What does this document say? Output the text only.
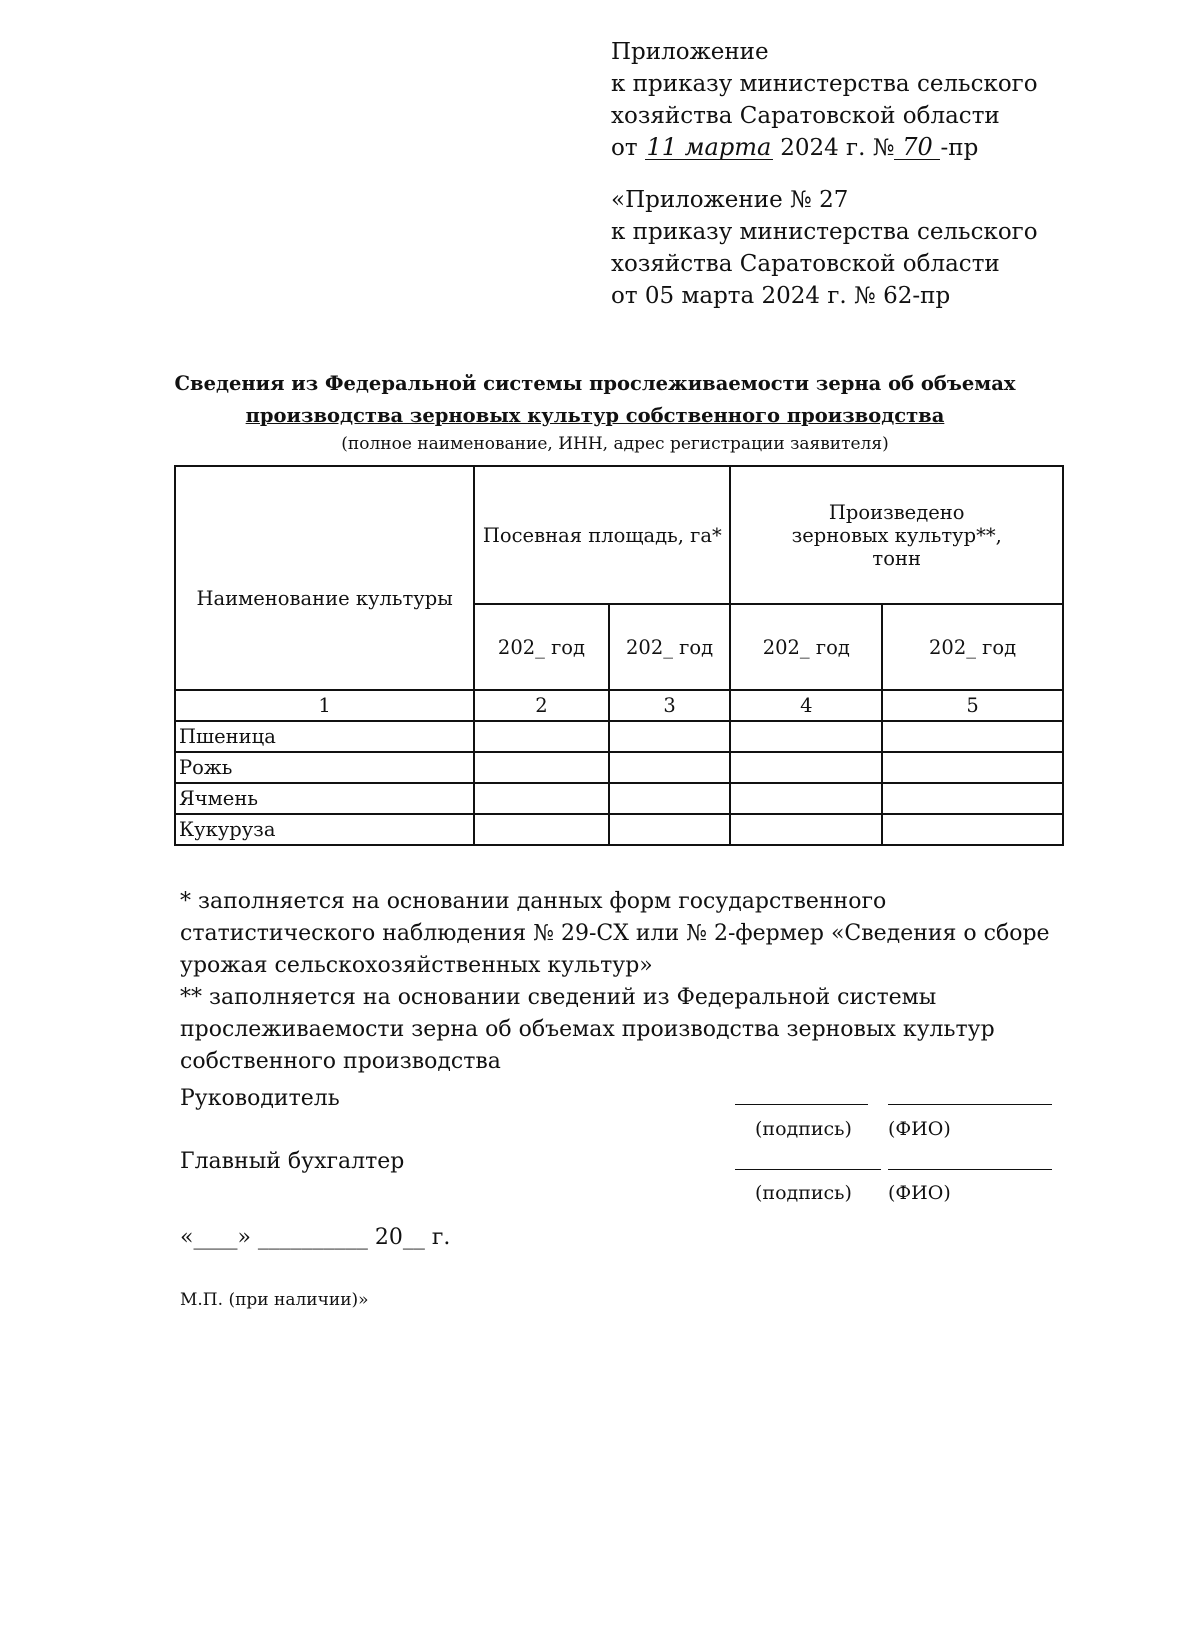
Приложение
к приказу министерства сельского
хозяйства Саратовской области
от 11 марта 2024 г. № 70 -пр
«Приложение № 27
к приказу министерства сельского
хозяйства Саратовской области
от 05 марта 2024 г. № 62-пр
Сведения из Федеральной системы прослеживаемости зерна об объемах
производства зерновых культур собственного производства
(полное наименование, ИНН, адрес регистрации заявителя)
Наименование культуры	Посевная площадь, га*		Произведено зерновых культур**, тонн	
	202_ год	202_ год	202_ год	202_ год
1	2	3	4	5
Пшеница				
Рожь				
Ячмень				
Кукуруза				
* заполняется на основании данных форм государственного
статистического наблюдения № 29-СХ или № 2-фермер «Сведения о сборе
урожая сельскохозяйственных культур»
** заполняется на основании сведений из Федеральной системы
прослеживаемости зерна об объемах производства зерновых культур
собственного производства
Руководитель
(подпись) (ФИО)
Главный бухгалтер
(подпись) (ФИО)
«____» __________ 20__ г.
М.П. (при наличии)»
